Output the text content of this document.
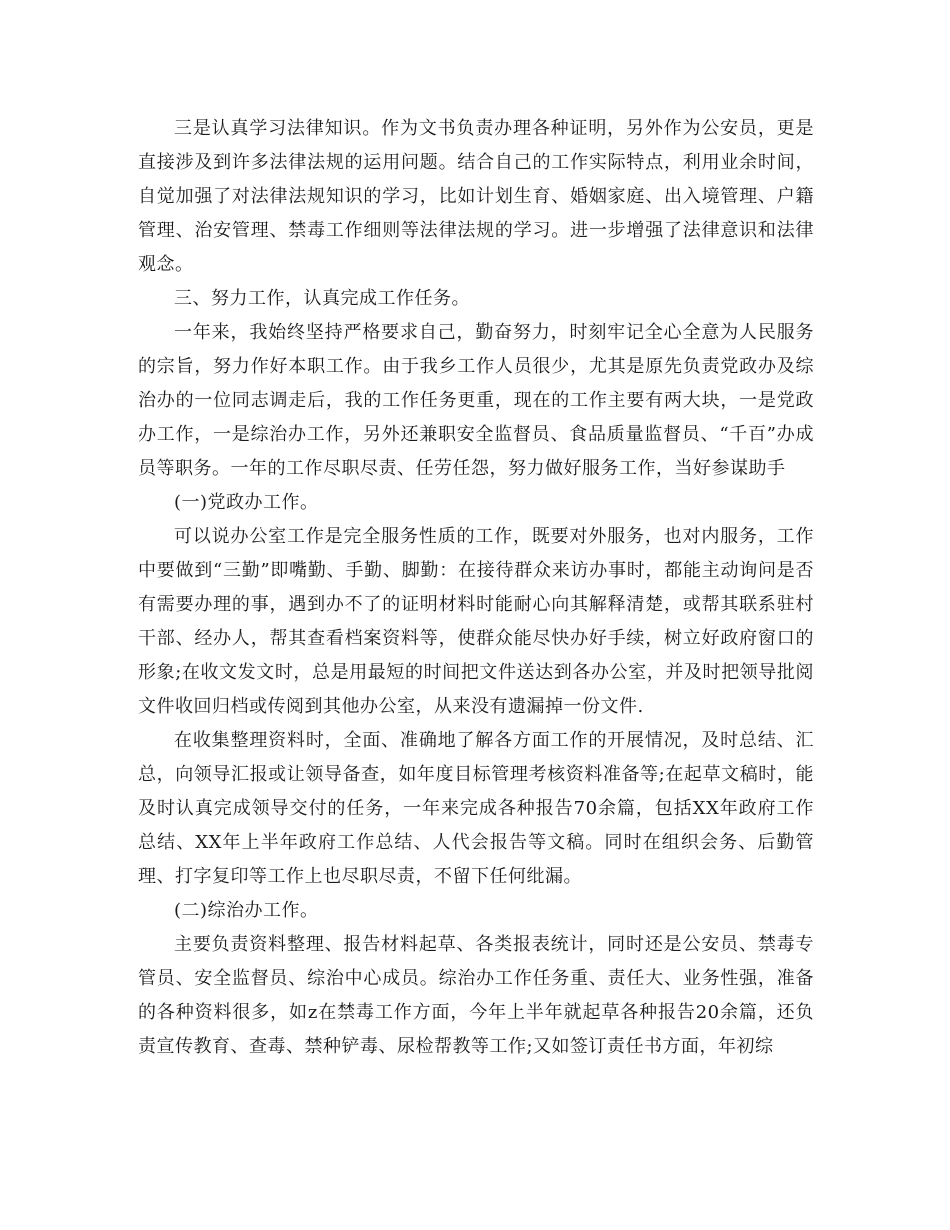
三是认真学习法律知识。作为文书负责办理各种证明，另外作为公安员，更是直接涉及到许多法律法规的运用问题。结合自己的工作实际特点，利用业余时间，自觉加强了对法律法规知识的学习，比如计划生育、婚姻家庭、出入境管理、户籍管理、治安管理、禁毒工作细则等法律法规的学习。进一步增强了法律意识和法律观念。

三、努力工作，认真完成工作任务。

一年来，我始终坚持严格要求自己，勤奋努力，时刻牢记全心全意为人民服务的宗旨，努力作好本职工作。由于我乡工作人员很少，尤其是原先负责党政办及综治办的一位同志调走后，我的工作任务更重，现在的工作主要有两大块，一是党政办工作，一是综治办工作，另外还兼职安全监督员、食品质量监督员、“千百”办成员等职务。一年的工作尽职尽责、任劳任怨，努力做好服务工作，当好参谋助手

(一)党政办工作。

可以说办公室工作是完全服务性质的工作，既要对外服务，也对内服务，工作中要做到“三勤”即嘴勤、手勤、脚勤：在接待群众来访办事时，都能主动询问是否有需要办理的事，遇到办不了的证明材料时能耐心向其解释清楚，或帮其联系驻村干部、经办人，帮其查看档案资料等，使群众能尽快办好手续，树立好政府窗口的形象;在收文发文时，总是用最短的时间把文件送达到各办公室，并及时把领导批阅文件收回归档或传阅到其他办公室，从来没有遗漏掉一份文件.

在收集整理资料时，全面、准确地了解各方面工作的开展情况，及时总结、汇总，向领导汇报或让领导备查，如年度目标管理考核资料准备等;在起草文稿时，能及时认真完成领导交付的任务，一年来完成各种报告70余篇，包括XX年政府工作总结、XX年上半年政府工作总结、人代会报告等文稿。同时在组织会务、后勤管理、打字复印等工作上也尽职尽责，不留下任何纰漏。

(二)综治办工作。

主要负责资料整理、报告材料起草、各类报表统计，同时还是公安员、禁毒专管员、安全监督员、综治中心成员。综治办工作任务重、责任大、业务性强，准备的各种资料很多，如z在禁毒工作方面，今年上半年就起草各种报告20余篇，还负责宣传教育、查毒、禁种铲毒、尿检帮教等工作;又如签订责任书方面，年初综
